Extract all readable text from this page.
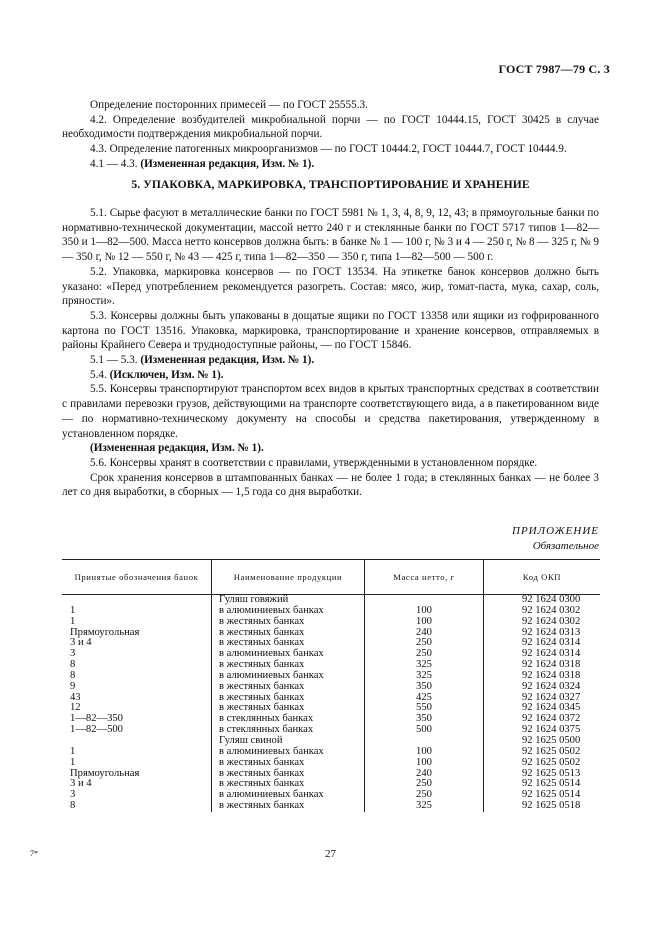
ГОСТ 7987—79 С. 3

Определение посторонних примесей — по ГОСТ 25555.3.

4.2. Определение возбудителей микробиальной порчи — по ГОСТ 10444.15, ГОСТ 30425 в случае необходимости подтверждения микробиальной порчи.

4.3. Определение патогенных микроорганизмов — по ГОСТ 10444.2, ГОСТ 10444.7, ГОСТ 10444.9.

4.1 — 4.3. (Измененная редакция, Изм. № 1).

5. УПАКОВКА, МАРКИРОВКА, ТРАНСПОРТИРОВАНИЕ И ХРАНЕНИЕ

5.1. Сырье фасуют в металлические банки по ГОСТ 5981 № 1, 3, 4, 8, 9, 12, 43; в прямоугольные банки по нормативно-технической документации, массой нетто 240 г и стеклянные банки по ГОСТ 5717 типов 1—82—350 и 1—82—500. Масса нетто консервов должна быть: в банке № 1 — 100 г, № 3 и 4 — 250 г, № 8 — 325 г, № 9 — 350 г, № 12 — 550 г, № 43 — 425 г, типа 1—82—350 — 350 г, типа 1—82—500 — 500 г.

5.2. Упаковка, маркировка консервов — по ГОСТ 13534. На этикетке банок консервов должно быть указано: «Перед употреблением рекомендуется разогреть. Состав: мясо, жир, томат-паста, мука, сахар, соль, пряности».

5.3. Консервы должны быть упакованы в дощатые ящики по ГОСТ 13358 или ящики из гофрированного картона по ГОСТ 13516. Упаковка, маркировка, транспортирование и хранение консервов, отправляемых в районы Крайнего Севера и труднодоступные районы, — по ГОСТ 15846.

5.1 — 5.3. (Измененная редакция, Изм. № 1).

5.4. (Исключен, Изм. № 1).

5.5. Консервы транспортируют транспортом всех видов в крытых транспортных средствах в соответствии с правилами перевозки грузов, действующими на транспорте соответствующего вида, а в пакетированном виде — по нормативно-техническому документу на способы и средства пакетирования, утвержденному в установленном порядке.

(Измененная редакция, Изм. № 1).

5.6. Консервы хранят в соответствии с правилами, утвержденными в установленном порядке.

Срок хранения консервов в штампованных банках — не более 1 года; в стеклянных банках — не более 3 лет со дня выработки, в сборных — 1,5 года со дня выработки.

ПРИЛОЖЕНИЕ
Обязательное
Принятые обозначения банок	Наименование продукции	Масса нетто, г	Код ОКП
	Гуляш говяжий		92 1624 0300
1	в алюминиевых банках	100	92 1624 0302
1	в жестяных банках	100	92 1624 0302
Прямоугольная	в жестяных банках	240	92 1624 0313
3 и 4	в жестяных банках	250	92 1624 0314
3	в алюминиевых банках	250	92 1624 0314
8	в жестяных банках	325	92 1624 0318
8	в алюминиевых банках	325	92 1624 0318
9	в жестяных банках	350	92 1624 0324
43	в жестяных банках	425	92 1624 0327
12	в жестяных банках	550	92 1624 0345
1—82—350	в стеклянных банках	350	92 1624 0372
1—82—500	в стеклянных банках	500	92 1624 0375
	Гуляш свиной		92 1625 0500
1	в алюминиевых банках	100	92 1625 0502
1	в жестяных банках	100	92 1625 0502
Прямоугольная	в жестяных банках	240	92 1625 0513
3 и 4	в жестяных банках	250	92 1625 0514
3	в алюминиевых банках	250	92 1625 0514
8	в жестяных банках	325	92 1625 0518
7*	27
